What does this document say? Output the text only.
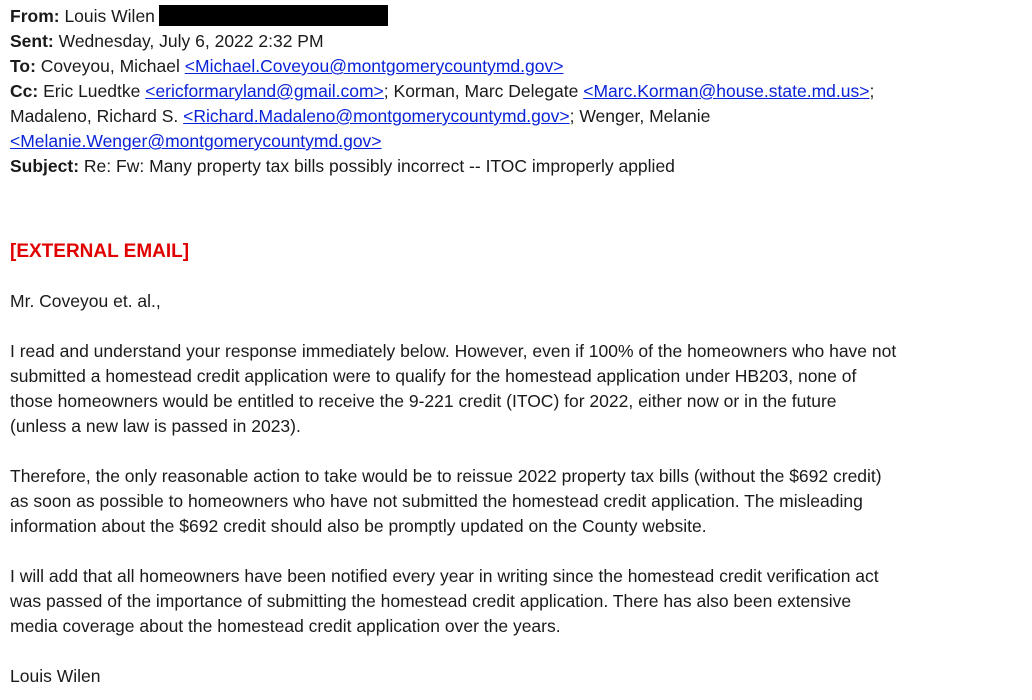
From: Louis Wilen
Sent: Wednesday, July 6, 2022 2:32 PM
To: Coveyou, Michael <Michael.Coveyou@montgomerycountymd.gov>
Cc: Eric Luedtke <ericformaryland@gmail.com>; Korman, Marc Delegate <Marc.Korman@house.state.md.us>;
Madaleno, Richard S. <Richard.Madaleno@montgomerycountymd.gov>; Wenger, Melanie
<Melanie.Wenger@montgomerycountymd.gov>
Subject: Re: Fw: Many property tax bills possibly incorrect -- ITOC improperly applied
[EXTERNAL EMAIL]
Mr. Coveyou et. al.,
I read and understand your response immediately below. However, even if 100% of the homeowners who have not
submitted a homestead credit application were to qualify for the homestead application under HB203, none of
those homeowners would be entitled to receive the 9-221 credit (ITOC) for 2022, either now or in the future
(unless a new law is passed in 2023).
Therefore, the only reasonable action to take would be to reissue 2022 property tax bills (without the $692 credit)
as soon as possible to homeowners who have not submitted the homestead credit application. The misleading
information about the $692 credit should also be promptly updated on the County website.
I will add that all homeowners have been notified every year in writing since the homestead credit verification act
was passed of the importance of submitting the homestead credit application. There has also been extensive
media coverage about the homestead credit application over the years.
Louis Wilen
